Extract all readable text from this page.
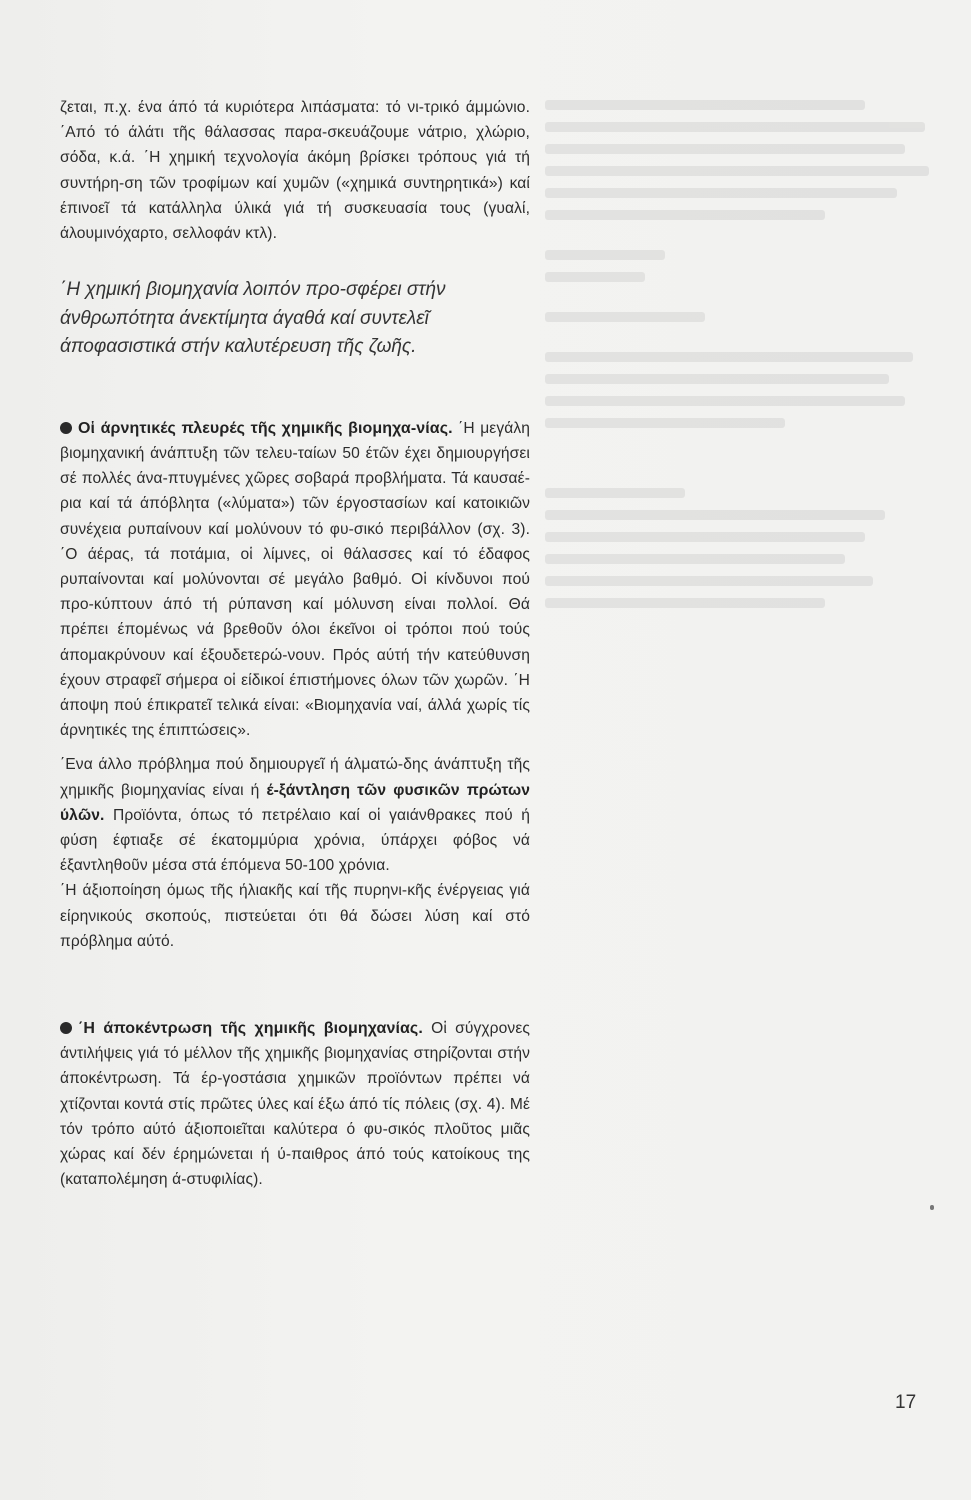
ζεται, π.χ. ένα άπό τά κυριότερα λιπάσματα: τό νι-τρικό άμμώνιο. ΄Από τό άλάτι τῆς θάλασσας παρα-σκευάζουμε νάτριο, χλώριο, σόδα, κ.ά. ΄Η χημική τεχνολογία άκόμη βρίσκει τρόπους γιά τή συντήρη-ση τῶν τροφίμων καί χυμῶν («χημικά συντηρητικά») καί έπινοεῖ τά κατάλληλα ύλικά γιά τή συσκευασία τους (γυαλί, άλουμινόχαρτο, σελλοφάν κτλ).

΄Η χημική βιομηχανία λοιπόν προ-σφέρει στήν άνθρωπότητα άνεκτίμητα άγαθά καί συντελεῖ άποφασιστικά στήν καλυτέρευση τῆς ζωῆς.

Οἱ άρνητικές πλευρές τῆς χημικῆς βιομηχα-νίας. ΄Η μεγάλη βιομηχανική άνάπτυξη τῶν τελευ-ταίων 50 έτῶν έχει δημιουργήσει σέ πολλές άνα-πτυγμένες χῶρες σοβαρά προβλήματα. Τά καυσαέ-ρια καί τά άπόβλητα («λύματα») τῶν έργοστασίων καί κατοικιῶν συνέχεια ρυπαίνουν καί μολύνουν τό φυ-σικό περιβάλλον (σχ. 3). ΄Ο άέρας, τά ποτάμια, οἱ λίμνες, οἱ θάλασσες καί τό έδαφος ρυπαίνονται καί μολύνονται σέ μεγάλο βαθμό. Οἱ κίνδυνοι πού προ-κύπτουν άπό τή ρύπανση καί μόλυνση είναι πολλοί. Θά πρέπει έπομένως νά βρεθοῦν όλοι έκεῖνοι οἱ τρόποι πού τούς άπομακρύνουν καί έξουδετερώ-νουν. Πρός αύτή τήν κατεύθυνση έχουν στραφεῖ σήμερα οἱ είδικοί έπιστήμονες όλων τῶν χωρῶν. ΄Η άποψη πού έπικρατεῖ τελικά είναι: «Βιομηχανία ναί, άλλά χωρίς τίς άρνητικές της έπιπτώσεις».

΄Ενα άλλο πρόβλημα πού δημιουργεῖ ή άλματώ-δης άνάπτυξη τῆς χημικῆς βιομηχανίας είναι ή έ-ξάντληση τῶν φυσικῶν πρώτων ύλῶν. Προϊόντα, όπως τό πετρέλαιο καί οἱ γαιάνθρακες πού ή φύση έφτιαξε σέ έκατομμύρια χρόνια, ύπάρχει φόβος νά έξαντληθοῦν μέσα στά έπόμενα 50-100 χρόνια.

΄Η άξιοποίηση όμως τῆς ήλιακῆς καί τῆς πυρηνι-κῆς ένέργειας γιά είρηνικούς σκοπούς, πιστεύεται ότι θά δώσει λύση καί στό πρόβλημα αύτό.

΄Η άποκέντρωση τῆς χημικῆς βιομηχανίας. Οἱ σύγχρονες άντιλήψεις γιά τό μέλλον τῆς χημικῆς βιομηχανίας στηρίζονται στήν άποκέντρωση. Τά έρ-γοστάσια χημικῶν προϊόντων πρέπει νά χτίζονται κοντά στίς πρῶτες ύλες καί έξω άπό τίς πόλεις (σχ. 4). Μέ τόν τρόπο αύτό άξιοποιεῖται καλύτερα ό φυ-σικός πλοῦτος μιᾶς χώρας καί δέν έρημώνεται ή ύ-παιθρος άπό τούς κατοίκους της (καταπολέμηση ά-στυφιλίας).

17
